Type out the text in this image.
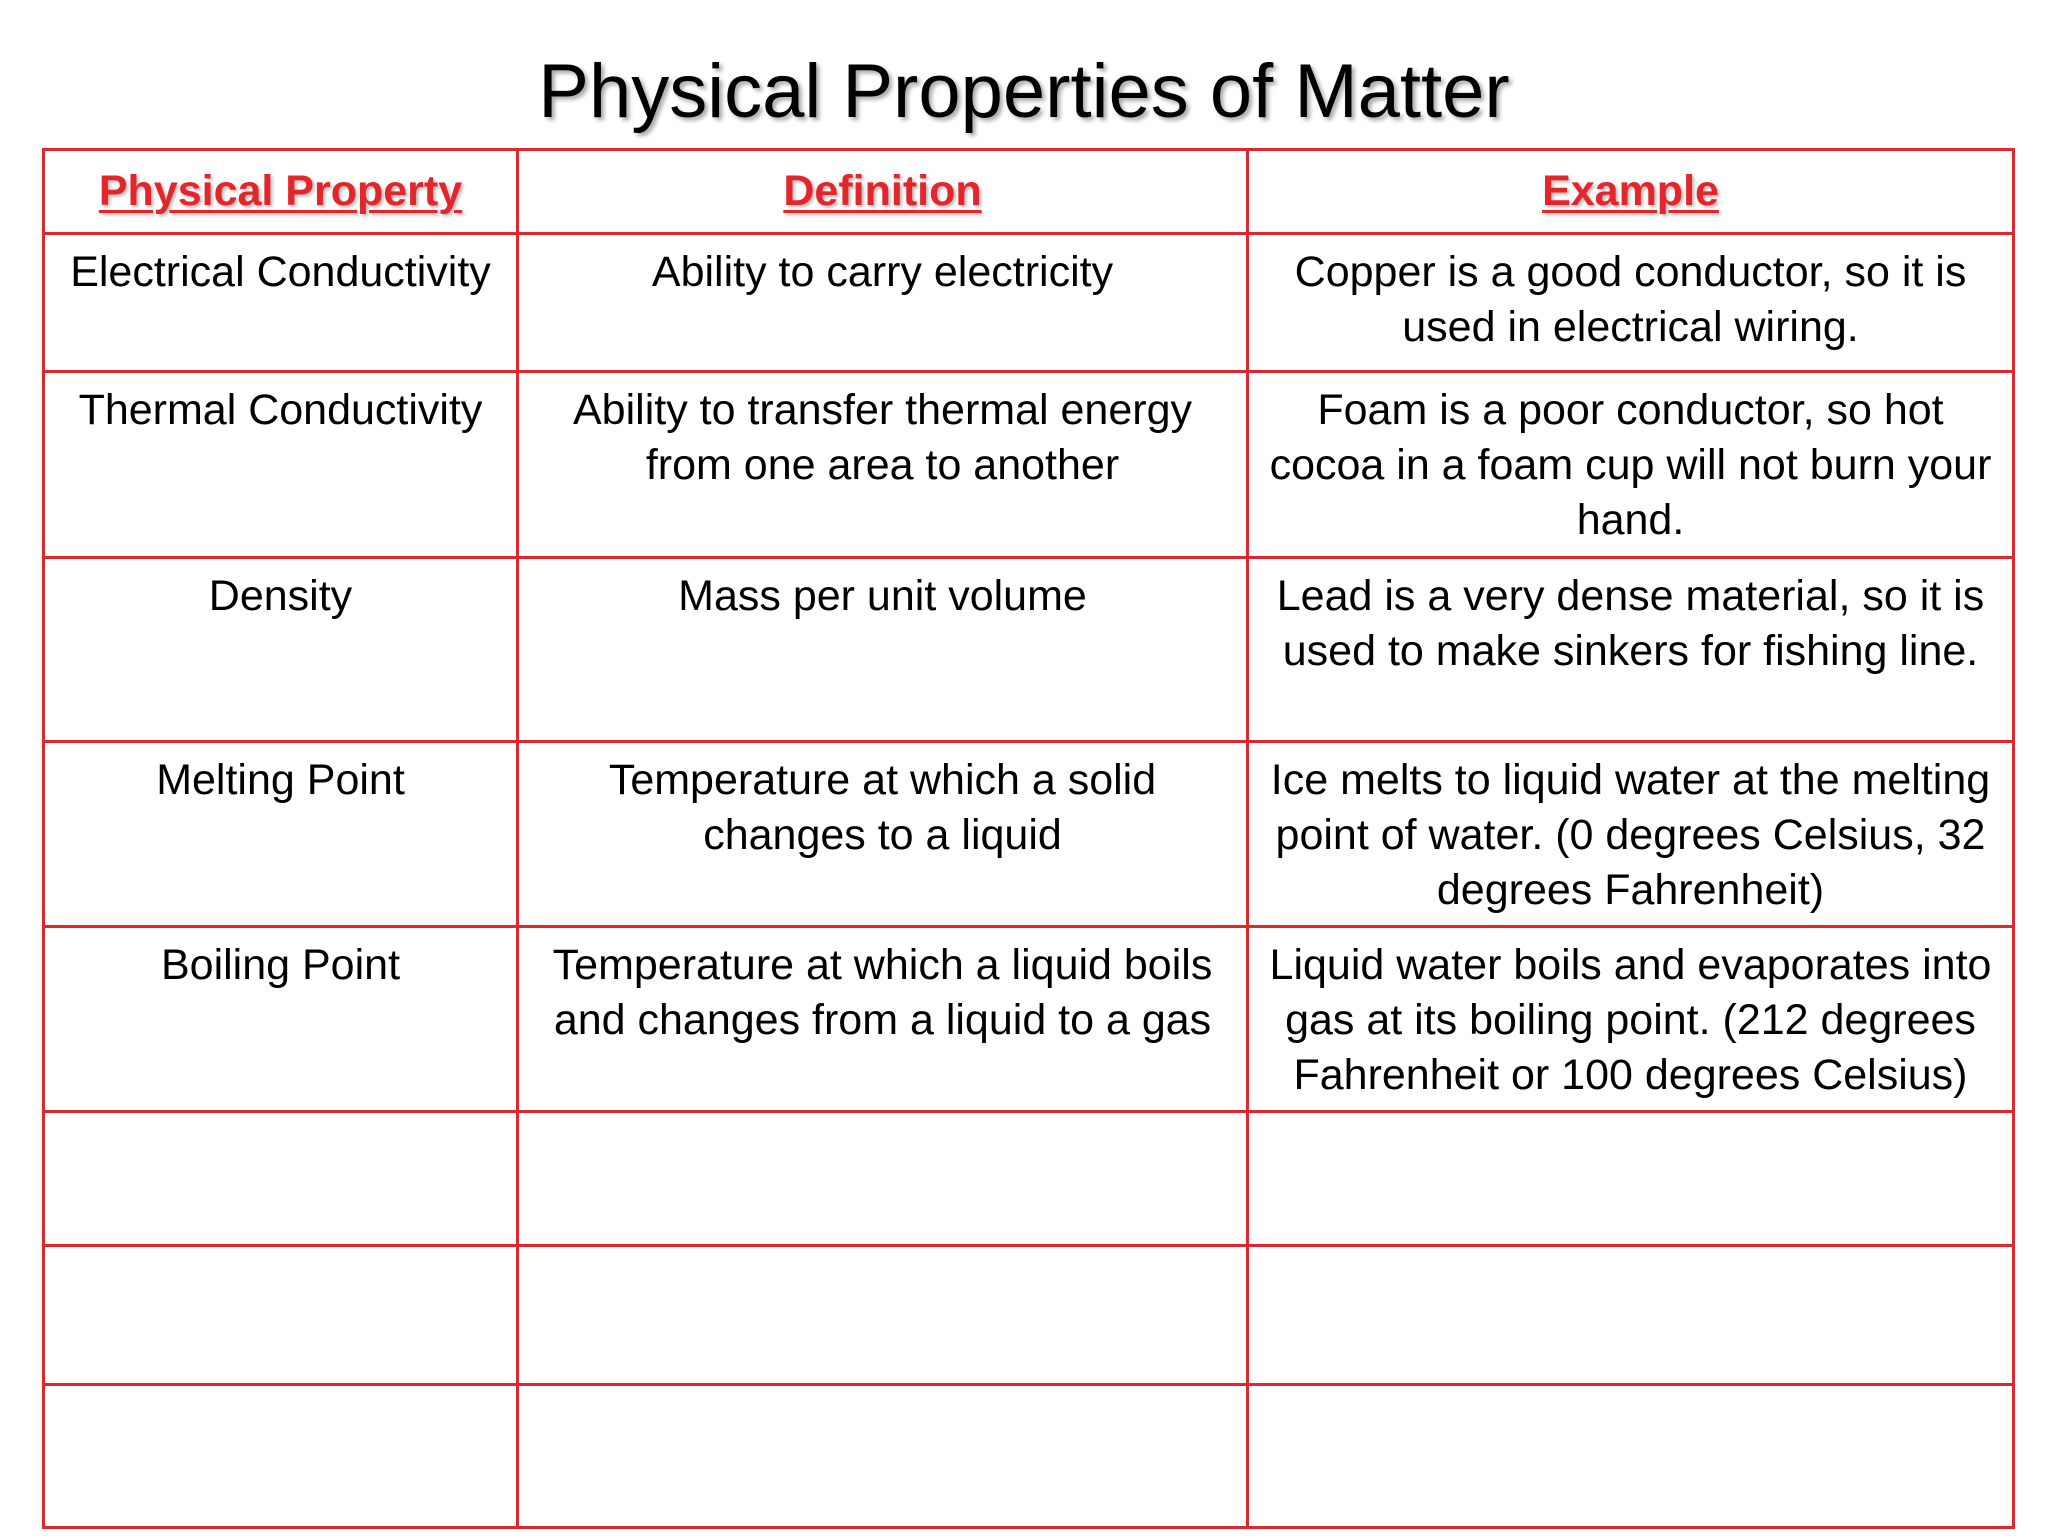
Physical Properties of Matter
Physical Property	Definition	Example
Electrical Conductivity	Ability to carry electricity	Copper is a good conductor, so it is used in electrical wiring.
Thermal Conductivity	Ability to transfer thermal energy from one area to another	Foam is a poor conductor, so hot cocoa in a foam cup will not burn your hand.
Density	Mass per unit volume	Lead is a very dense material, so it is used to make sinkers for fishing line.
Melting Point	Temperature at which a solid changes to a liquid	Ice melts to liquid water at the melting point of water. (0 degrees Celsius, 32 degrees Fahrenheit)
Boiling Point	Temperature at which a liquid boils and changes from a liquid to a gas	Liquid water boils and evaporates into gas at its boiling point. (212 degrees Fahrenheit or 100 degrees Celsius)
